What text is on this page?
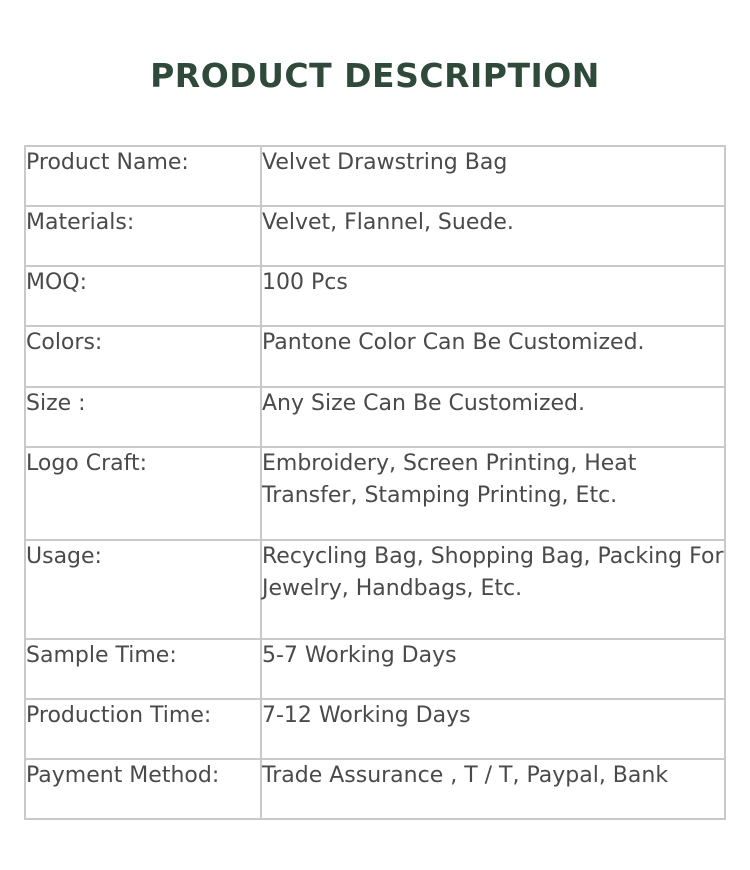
PRODUCT DESCRIPTION
Product Name:	Velvet Drawstring Bag
Materials:	Velvet, Flannel, Suede.
MOQ:	100 Pcs
Colors:	Pantone Color Can Be Customized.
Size :	Any Size Can Be Customized.
Logo Craft:	Embroidery, Screen Printing, Heat Transfer, Stamping Printing, Etc.
Usage:	Recycling Bag, Shopping Bag, Packing For Jewelry, Handbags, Etc.
Sample Time:	5-7 Working Days
Production Time:	7-12 Working Days
Payment Method:	Trade Assurance , T / T, Paypal, Bank
